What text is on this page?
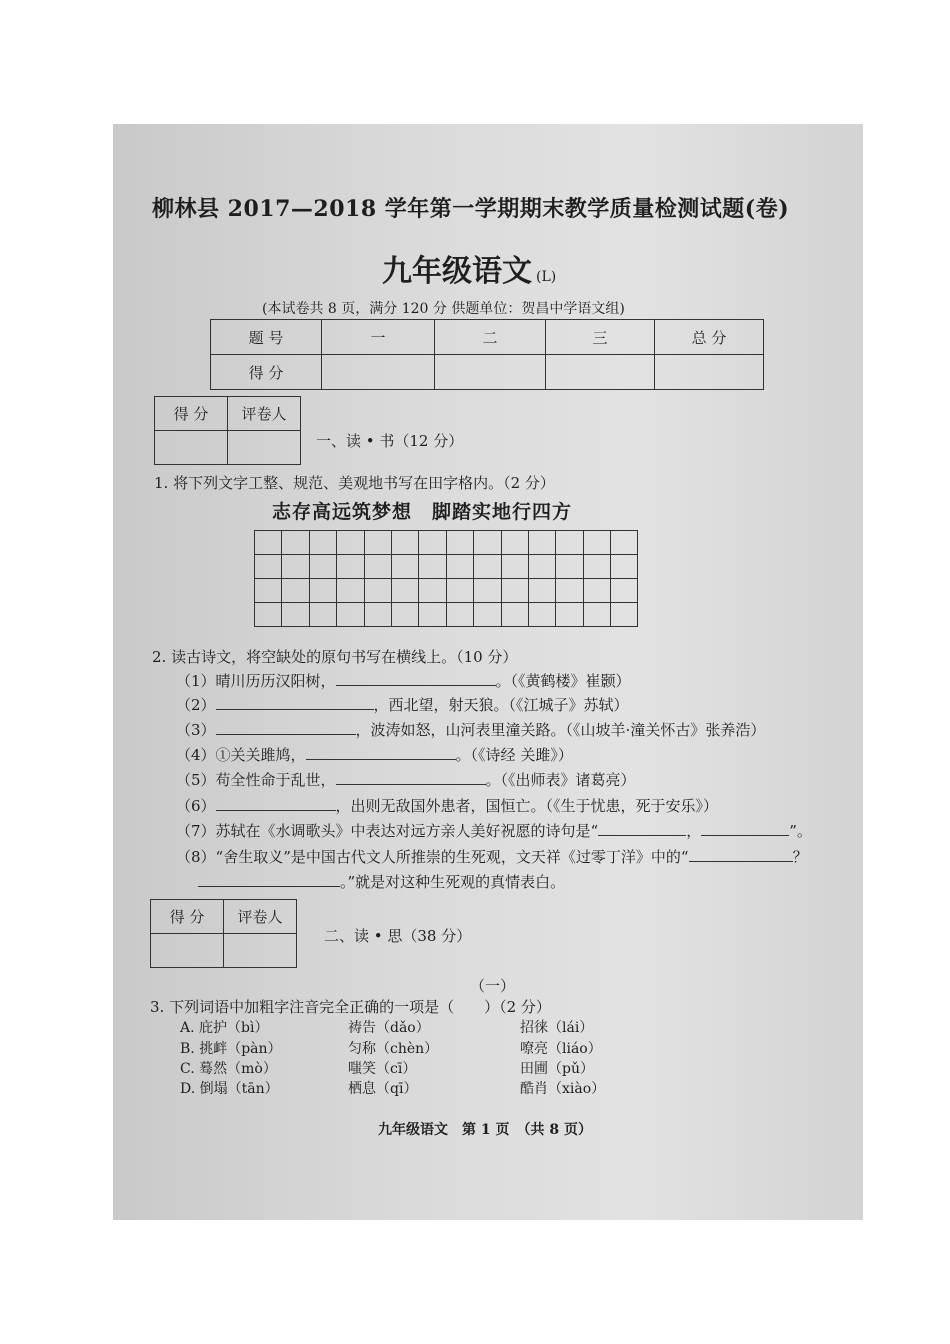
柳林县 2017—2018 学年第一学期期末教学质量检测试题(卷)
九年级语文 (L)
(本试卷共 8 页，满分 120 分 供题单位：贺昌中学语文组)
题 号	一	二	三	总 分
得 分				
得 分	评卷人

一、读 • 书（12 分）
1. 将下列文字工整、规范、美观地书写在田字格内。（2 分）
志存高远筑梦想　脚踏实地行四方
2. 读古诗文，将空缺处的原句书写在横线上。（10 分）
（1）晴川历历汉阳树，	。（《黄鹤楼》崔颢）
（2）	，西北望，射天狼。（《江城子》苏轼）
（3）	，波涛如怒，山河表里潼关路。（《山坡羊·潼关怀古》张养浩）
（4）①关关雎鸠，	。（《诗经 关雎》）
（5）苟全性命于乱世，	。（《出师表》诸葛亮）
（6）	，出则无敌国外患者，国恒亡。（《生于忧患，死于安乐》）
（7）苏轼在《水调歌头》中表达对远方亲人美好祝愿的诗句是“	，	”。
（8）“舍生取义”是中国古代文人所推崇的生死观，文天祥《过零丁洋》中的“	？
。”就是对这种生死观的真情表白。
得 分	评卷人

二、读 • 思（38 分）
（一）
3. 下列词语中加粗字注音完全正确的一项是（　　）（2 分）
A. 庇护（bì）	祷告（dǎo）	招徕（lái）
B. 挑衅（pàn）	匀称（chèn）	嘹亮（liáo）
C. 蓦然（mò）	嗤笑（cī）	田圃（pǔ）
D. 倒塌（tān）	栖息（qī）	酷肖（xiào）
九年级语文　第 1 页　（共 8 页）
